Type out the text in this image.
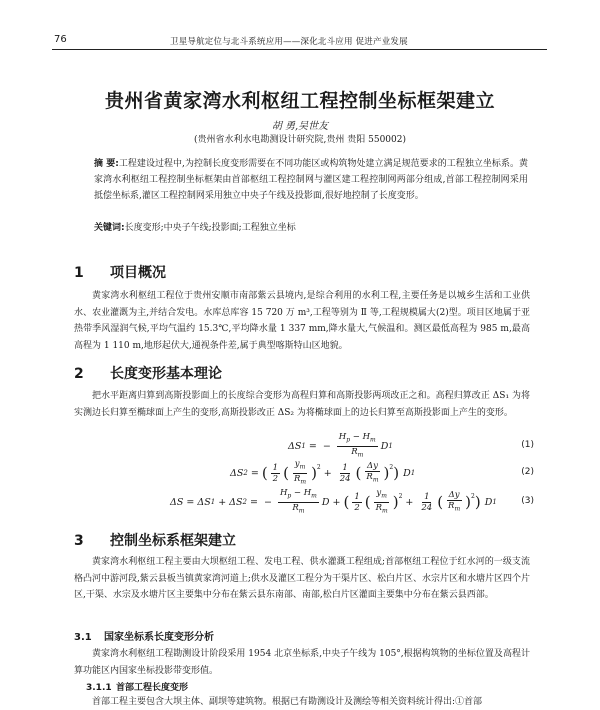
76	卫星导航定位与北斗系统应用——深化北斗应用 促进产业发展
贵州省黄家湾水利枢纽工程控制坐标框架建立
胡 勇,吴世友
(贵州省水利水电勘测设计研究院,贵州 贵阳 550002)
摘 要:工程建设过程中,为控制长度变形需要在不同功能区或构筑物处建立满足规范要求的工程独立坐标系。黄家湾水利枢纽工程控制坐标框架由首部枢纽工程控制网与灌区建工程控制网两部分组成,首部工程控制网采用抵偿坐标系,灌区工程控制网采用独立中央子午线及投影面,很好地控制了长度变形。
关键词:长度变形;中央子午线;投影面;工程独立坐标
1 项目概况
黄家湾水利枢纽工程位于贵州安顺市南部紫云县境内,是综合利用的水利工程,主要任务是以城乡生活和工业供水、农业灌溉为主,并结合发电。水库总库容 15 720 万 m³,工程等别为 Ⅱ 等,工程规模属大(2)型。项目区地属于亚热带季风湿润气候,平均气温约 15.3℃,平均降水量 1 337 mm,降水量大,气候温和。测区最低高程为 985 m,最高高程为 1 110 m,地形起伏大,通视条件差,属于典型喀斯特山区地貌。
2 长度变形基本理论
把水平距离归算到高斯投影面上的长度综合变形为高程归算和高斯投影两项改正之和。高程归算改正 ΔS₁ 为将实测边长归算至椭球面上产生的变形,高斯投影改正 ΔS₂ 为将椭球面上的边长归算至高斯投影面上产生的变形。
ΔS 1 = − $\frac{H_p - H_m}{R_m}$ D 1	(1)
ΔS 2 = ( 1
2 (
$y_m$
$R_m$ )$^2$
+ $\frac{1}{24}$ ( Δy
$R_m$ )$^2$ ) D 1	(2)
ΔS = ΔS 1 + ΔS 2 = − $\frac{H_p - H_m}{R_m}$ D + ( 1
2 (
$y_m$
$R_m$ )$^2$
+ $\frac{1}{24}$ ( Δy
$R_m$ )$^2$ ) D 1	(3)
3 控制坐标系框架建立
黄家湾水利枢纽工程主要由大坝枢纽工程、发电工程、供水灌溉工程组成;首部枢纽工程位于红水河的一级支流格凸河中游河段,紫云县板当镇黄家湾河道上;供水及灌区工程分为干渠片区、松白片区、水宗片区和水塘片区四个片区,干渠、水宗及水塘片区主要集中分布在紫云县东南部、南部,松白片区灌面主要集中分布在紫云县西部。
3.1 国家坐标系长度变形分析
黄家湾水利枢纽工程勘测设计阶段采用 1954 北京坐标系,中央子午线为 105°,根据构筑物的坐标位置及高程计算功能区内国家坐标投影带变形值。
3.1.1 首部工程长度变形
首部工程主要包含大坝主体、副坝等建筑物。根据已有勘测设计及测绘等相关资料统计得出:①首部
